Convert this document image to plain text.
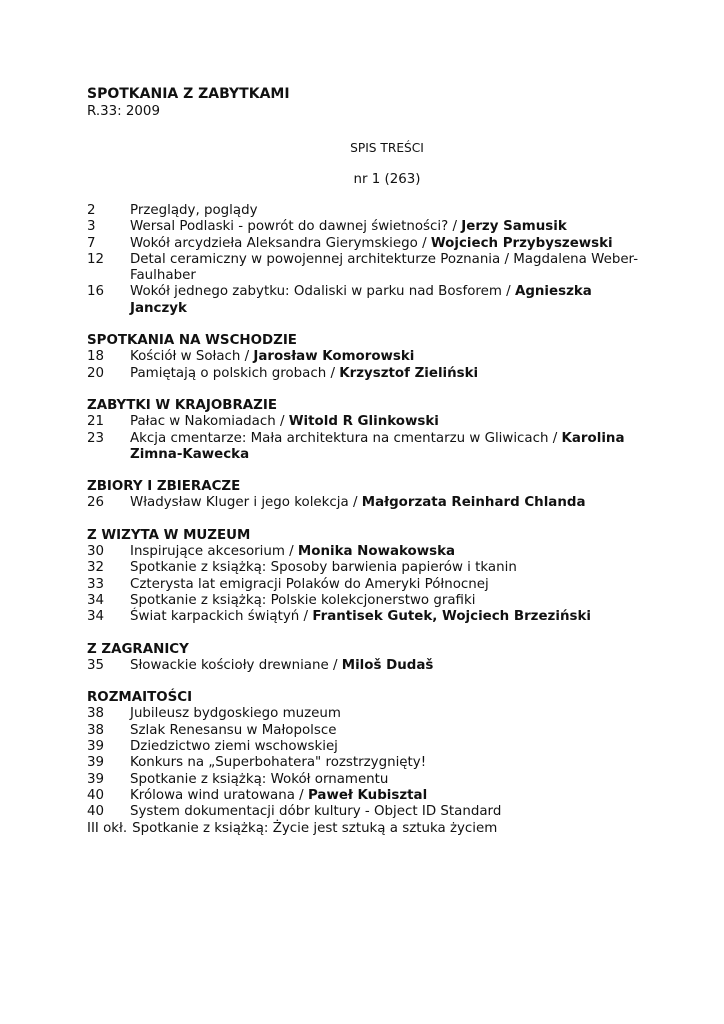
SPOTKANIA Z ZABYTKAMI
R.33: 2009
SPIS TREŚCI
nr 1 (263)
2	Przeglądy, poglądy
3	Wersal Podlaski - powrót do dawnej świetności? / Jerzy Samusik
7	Wokół arcydzieła Aleksandra Gierymskiego / Wojciech Przybyszewski
12	Detal ceramiczny w powojennej architekturze Poznania / Magdalena Weber-Faulhaber
16	Wokół jednego zabytku: Odaliski w parku nad Bosforem / Agnieszka Janczyk
SPOTKANIA NA WSCHODZIE
18	Kościół w Sołach / Jarosław Komorowski
20	Pamiętają o polskich grobach / Krzysztof Zieliński
ZABYTKI W KRAJOBRAZIE
21	Pałac w Nakomiadach / Witold R Glinkowski
23	Akcja cmentarze: Mała architektura na cmentarzu w Gliwicach / Karolina Zimna-Kawecka
ZBIORY I ZBIERACZE
26	Władysław Kluger i jego kolekcja / Małgorzata Reinhard Chlanda
Z WIZYTA W MUZEUM
30	Inspirujące akcesorium / Monika Nowakowska
32	Spotkanie z książką: Sposoby barwienia papierów i tkanin
33	Czterysta lat emigracji Polaków do Ameryki Północnej
34	Spotkanie z książką: Polskie kolekcjonerstwo grafiki
34	Świat karpackich świątyń / Frantisek Gutek, Wojciech Brzeziński
Z ZAGRANICY
35	Słowackie kościoły drewniane / Miloš Dudaš
ROZMAITOŚCI
38	Jubileusz bydgoskiego muzeum
38	Szlak Renesansu w Małopolsce
39	Dziedzictwo ziemi wschowskiej
39	Konkurs na „Superbohatera" rozstrzygnięty!
39	Spotkanie z książką: Wokół ornamentu
40	Królowa wind uratowana / Paweł Kubisztal
40	System dokumentacji dóbr kultury - Object ID Standard
III okł. Spotkanie z książką: Życie jest sztuką a sztuka życiem
